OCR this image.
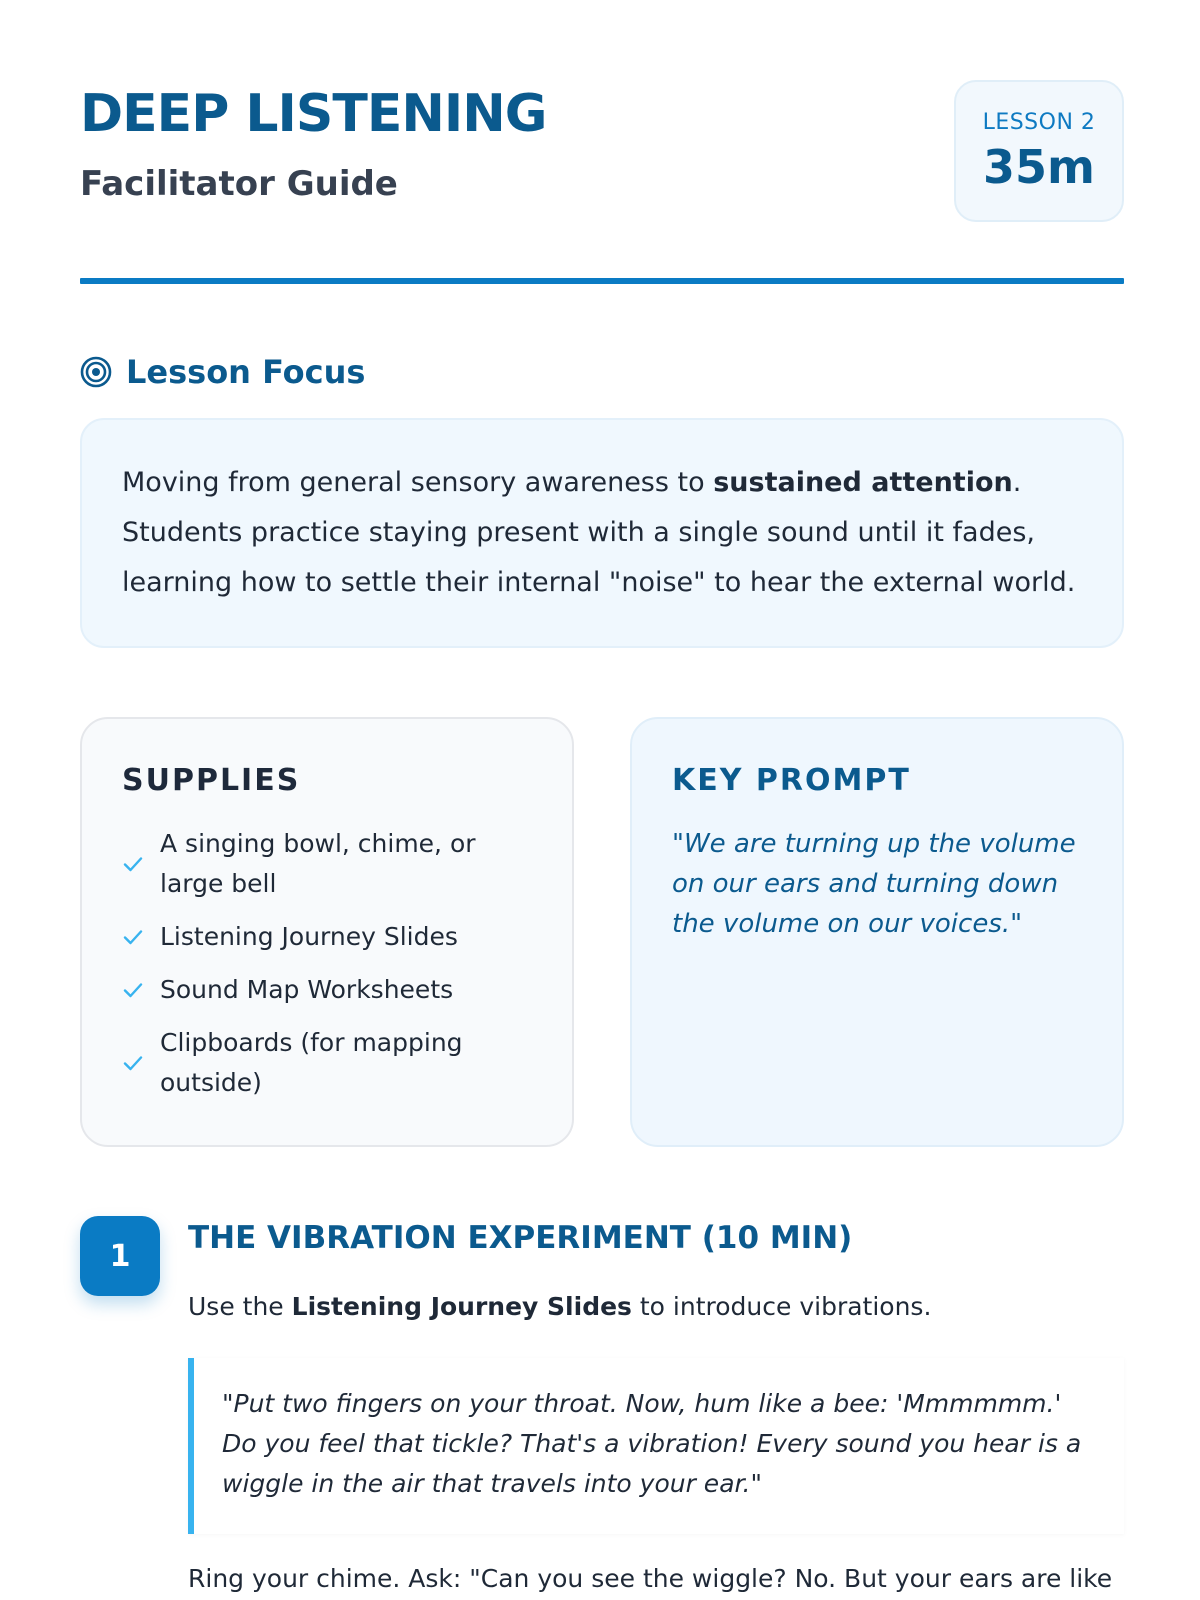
DEEP LISTENING
Facilitator Guide
LESSON 2
35m
Lesson Focus

Moving from general sensory awareness to sustained attention. Students practice staying present with a single sound until it fades, learning how to settle their internal "noise" to hear the external world.

SUPPLIES
A singing bowl, chime, or large bell
Listening Journey Slides
Sound Map Worksheets
Clipboards (for mapping outside)
KEY PROMPT

"We are turning up the volume on our ears and turning down the volume on our voices."

1	THE VIBRATION EXPERIMENT (10 MIN)

Use the Listening Journey Slides to introduce vibrations.

"Put two fingers on your throat. Now, hum like a bee: 'Mmmmmm.' Do you feel that tickle? That's a vibration! Every sound you hear is a wiggle in the air that travels into your ear."

Ring your chime. Ask: "Can you see the wiggle? No. But your ears are like
